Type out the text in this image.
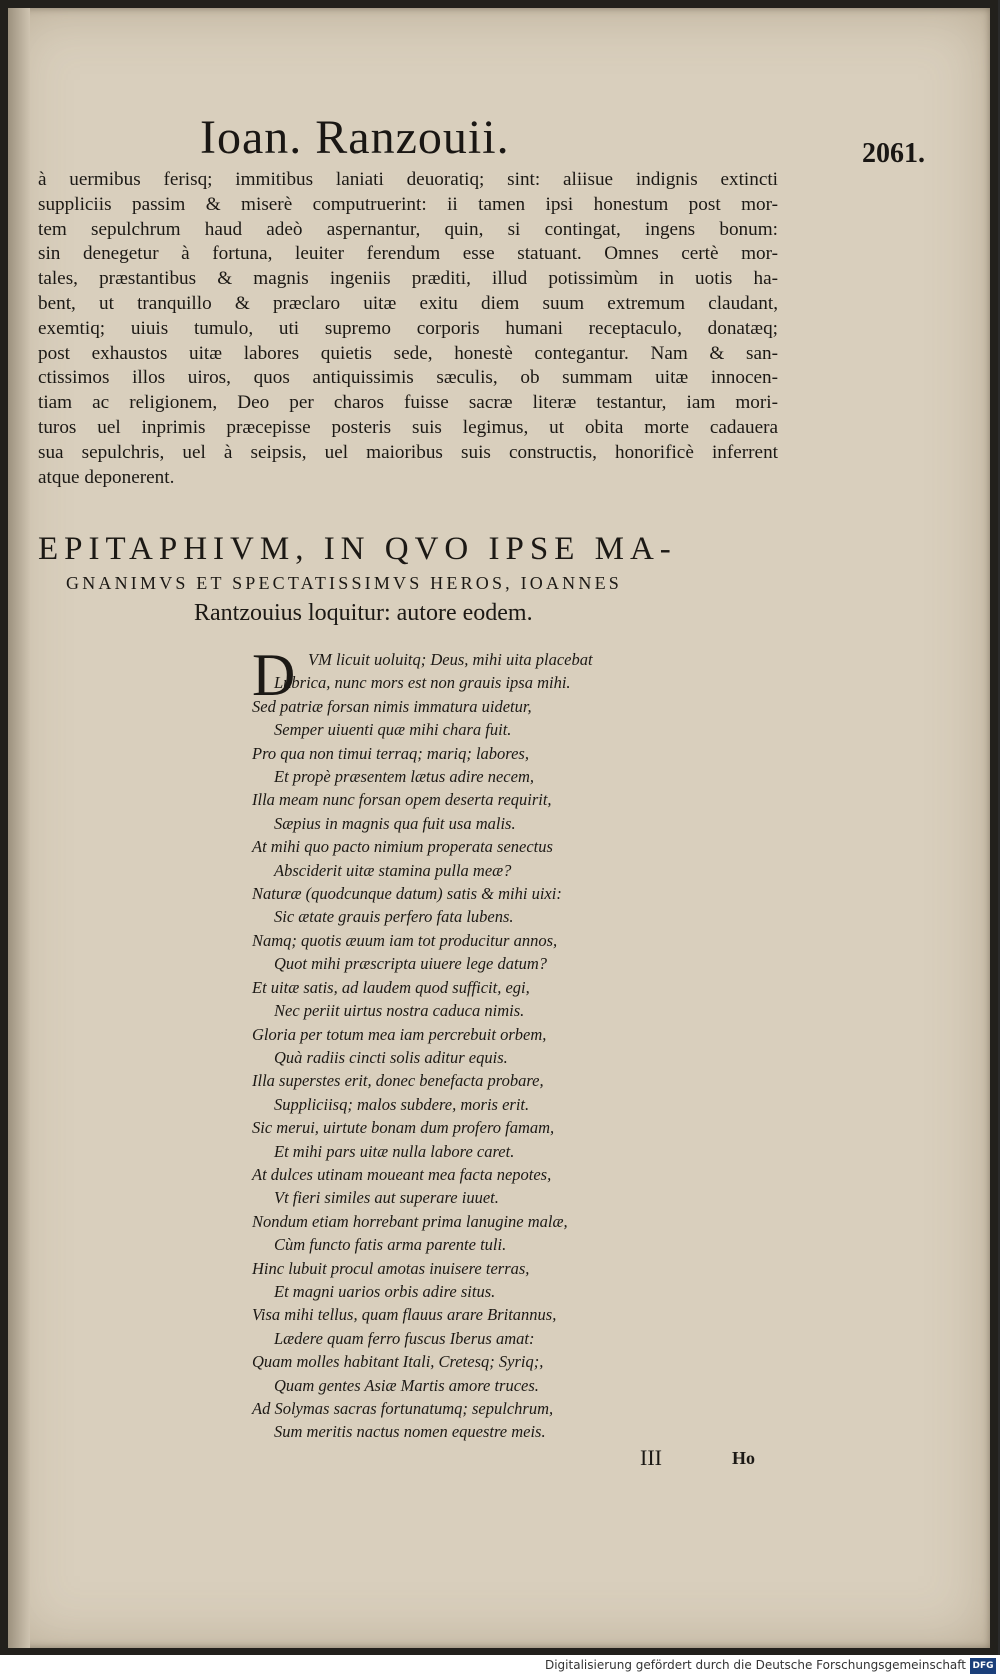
Ioan. Ranzouii.	2061.
à uermibus ferisq; immitibus laniati deuoratiq; sint: aliisue indignis extincti
suppliciis passim & miserè computruerint: ii tamen ipsi honestum post mor-
tem sepulchrum haud adeò aspernantur, quin, si contingat, ingens bonum:
sin denegetur à fortuna, leuiter ferendum esse statuant. Omnes certè mor-
tales, præstantibus & magnis ingeniis præditi, illud potissimùm in uotis ha-
bent, ut tranquillo & præclaro uitæ exitu diem suum extremum claudant,
exemtiq; uiuis tumulo, uti supremo corporis humani receptaculo, donatæq;
post exhaustos uitæ labores quietis sede, honestè contegantur. Nam & san-
ctissimos illos uiros, quos antiquissimis sæculis, ob summam uitæ innocen-
tiam ac religionem, Deo per charos fuisse sacræ literæ testantur, iam mori-
turos uel inprimis præcepisse posteris suis legimus, ut obita morte cadauera
sua sepulchris, uel à seipsis, uel maioribus suis constructis, honorificè inferrent
atque deponerent.
EPITAPHIVM, IN QVO IPSE MA-
GNANIMVS ET SPECTATISSIMVS HEROS, IOANNES
Rantzouius loquitur: autore eodem.
D VM licuit uoluitq; Deus, mihi uita placebat
Lubrica, nunc mors est non grauis ipsa mihi.
Sed patriæ forsan nimis immatura uidetur,
Semper uiuenti quæ mihi chara fuit.
Pro qua non timui terraq; mariq; labores,
Et propè præsentem lætus adire necem,
Illa meam nunc forsan opem deserta requirit,
Sæpius in magnis qua fuit usa malis.
At mihi quo pacto nimium properata senectus
Absciderit uitæ stamina pulla meæ?
Naturæ (quodcunque datum) satis & mihi uixi:
Sic ætate grauis perfero fata lubens.
Namq; quotis æuum iam tot producitur annos,
Quot mihi præscripta uiuere lege datum?
Et uitæ satis, ad laudem quod sufficit, egi,
Nec periit uirtus nostra caduca nimis.
Gloria per totum mea iam percrebuit orbem,
Quà radiis cincti solis aditur equis.
Illa superstes erit, donec benefacta probare,
Suppliciisq; malos subdere, moris erit.
Sic merui, uirtute bonam dum profero famam,
Et mihi pars uitæ nulla labore caret.
At dulces utinam moueant mea facta nepotes,
Vt fieri similes aut superare iuuet.
Nondum etiam horrebant prima lanugine malæ,
Cùm functo fatis arma parente tuli.
Hinc lubuit procul amotas inuisere terras,
Et magni uarios orbis adire situs.
Visa mihi tellus, quam flauus arare Britannus,
Lædere quam ferro fuscus Iberus amat:
Quam molles habitant Itali, Cretesq; Syriq;,
Quam gentes Asiæ Martis amore truces.
Ad Solymas sacras fortunatumq; sepulchrum,
Sum meritis nactus nomen equestre meis.
III	Ho
Digitalisierung gefördert durch die Deutsche Forschungsgemeinschaft DFG
